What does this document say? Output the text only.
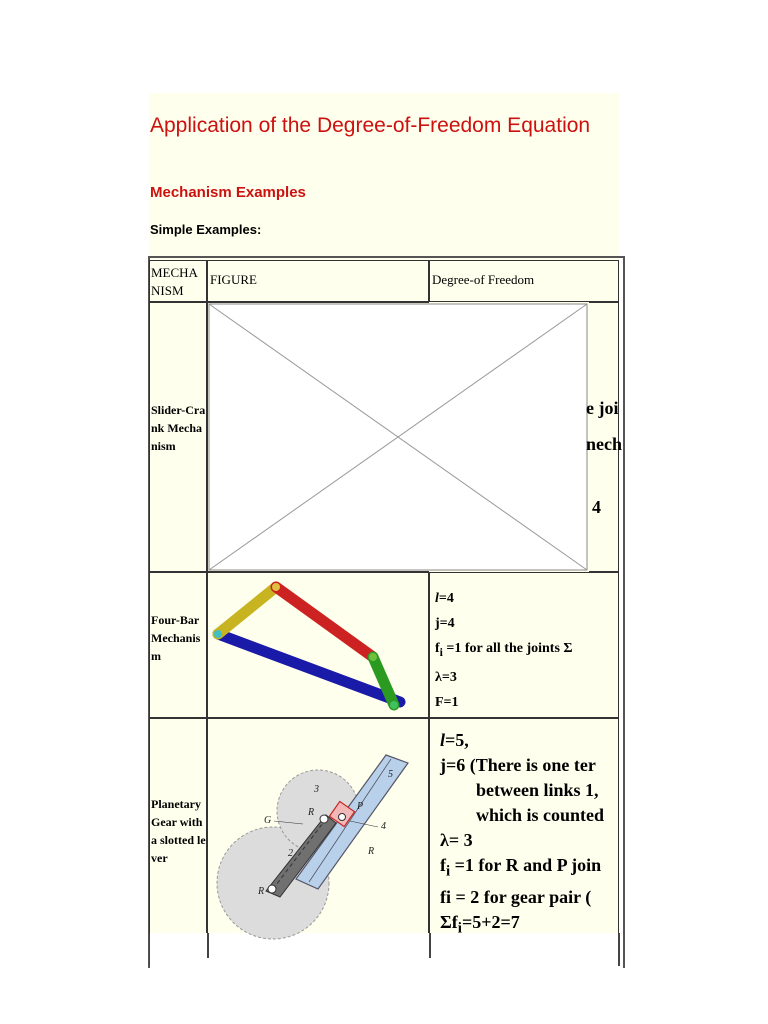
Application of the Degree-of-Freedom Equation
Mechanism Examples
Simple Examples:
MECHANISM
FIGURE	Degree-of Freedom
Slider-Crank Mechanism
e joi
nech
4
Four-Bar Mechanism
l=4
j=4
$f_i =1$ for all the joints Σ
λ=3
F=1
Planetary Gear with a slotted lever
3
G
R
P
4
R
2
R
5
l=5,
j=6 (There is one ter
between links 1,
which is counted
λ= 3
$f_i =1$ for R and P join
fi = 2 for gear pair (
$\Sigma f_i=5+2=7$
